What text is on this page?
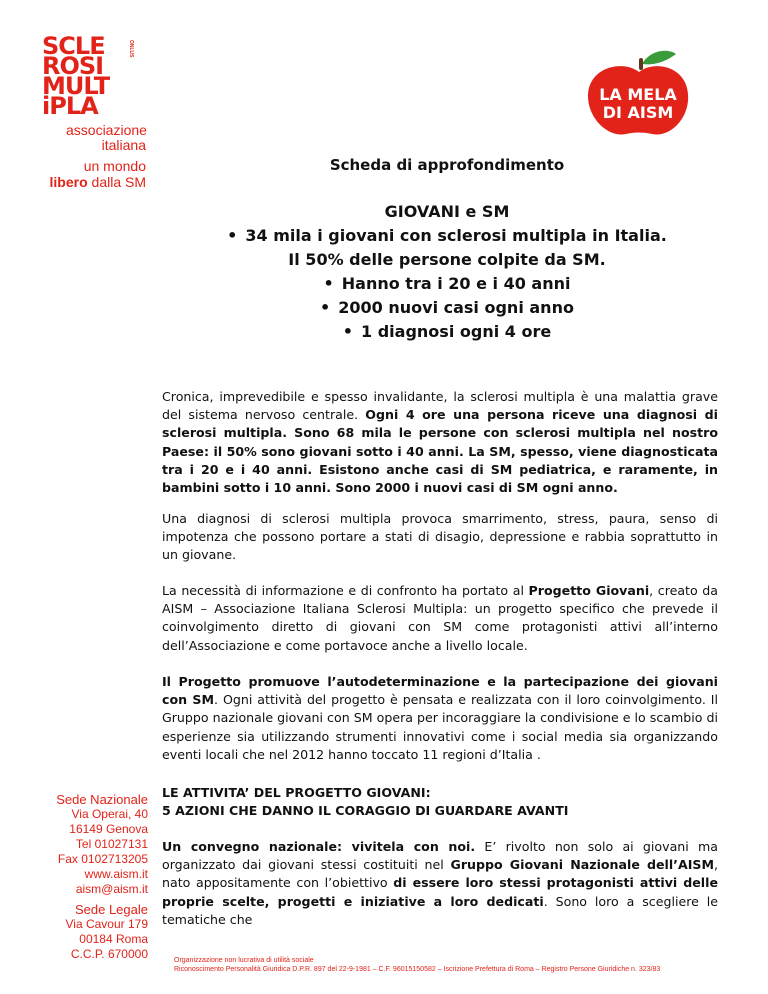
SCLE
ROSI
MULT
iPLA
ONLUS
associazione
italiana
un mondo
libero dalla SM
Sede Nazionale
Via Operai, 40
16149 Genova
Tel 01027131
Fax 0102713205
www.aism.it
aism@aism.it
Sede Legale
Via Cavour 179
00184 Roma
C.C.P. 670000
LA MELA
DI AISM
Scheda di approfondimento
GIOVANI e SM
• 34 mila i giovani con sclerosi multipla in Italia.
Il 50% delle persone colpite da SM.
• Hanno tra i 20 e i 40 anni
• 2000 nuovi casi ogni anno
• 1 diagnosi ogni 4 ore
Cronica, imprevedibile e spesso invalidante, la sclerosi multipla è una malattia grave del sistema nervoso centrale. Ogni 4 ore una persona riceve una diagnosi di sclerosi multipla. Sono 68 mila le persone con sclerosi multipla nel nostro Paese: il 50% sono giovani sotto i 40 anni. La SM, spesso, viene diagnosticata tra i 20 e i 40 anni. Esistono anche casi di SM pediatrica, e raramente, in bambini sotto i 10 anni. Sono 2000 i nuovi casi di SM ogni anno.
Una diagnosi di sclerosi multipla provoca smarrimento, stress, paura, senso di impotenza che possono portare a stati di disagio, depressione e rabbia soprattutto in un giovane.
La necessità di informazione e di confronto ha portato al Progetto Giovani, creato da AISM – Associazione Italiana Sclerosi Multipla: un progetto specifico che prevede il coinvolgimento diretto di giovani con SM come protagonisti attivi all’interno dell’Associazione e come portavoce anche a livello locale.
Il Progetto promuove l’autodeterminazione e la partecipazione dei giovani con SM. Ogni attività del progetto è pensata e realizzata con il loro coinvolgimento. Il Gruppo nazionale giovani con SM opera per incoraggiare la condivisione e lo scambio di esperienze sia utilizzando strumenti innovativi come i social media sia organizzando eventi locali che nel 2012 hanno toccato 11 regioni d’Italia .
LE ATTIVITA’ DEL PROGETTO GIOVANI:
5 AZIONI CHE DANNO IL CORAGGIO DI GUARDARE AVANTI
Un convegno nazionale: vivitela con noi. E’ rivolto non solo ai giovani ma organizzato dai giovani stessi costituiti nel Gruppo Giovani Nazionale dell’AISM, nato appositamente con l’obiettivo di essere loro stessi protagonisti attivi delle proprie scelte, progetti e iniziative a loro dedicati. Sono loro a scegliere le tematiche che
Organizzazione non lucrativa di utilità sociale
Riconoscimento Personalità Giuridica D.P.R. 897 del 22-9-1981 – C.F. 96015150582 – Iscrizione Prefettura di Roma – Registro Persone Giuridiche n. 323/83
